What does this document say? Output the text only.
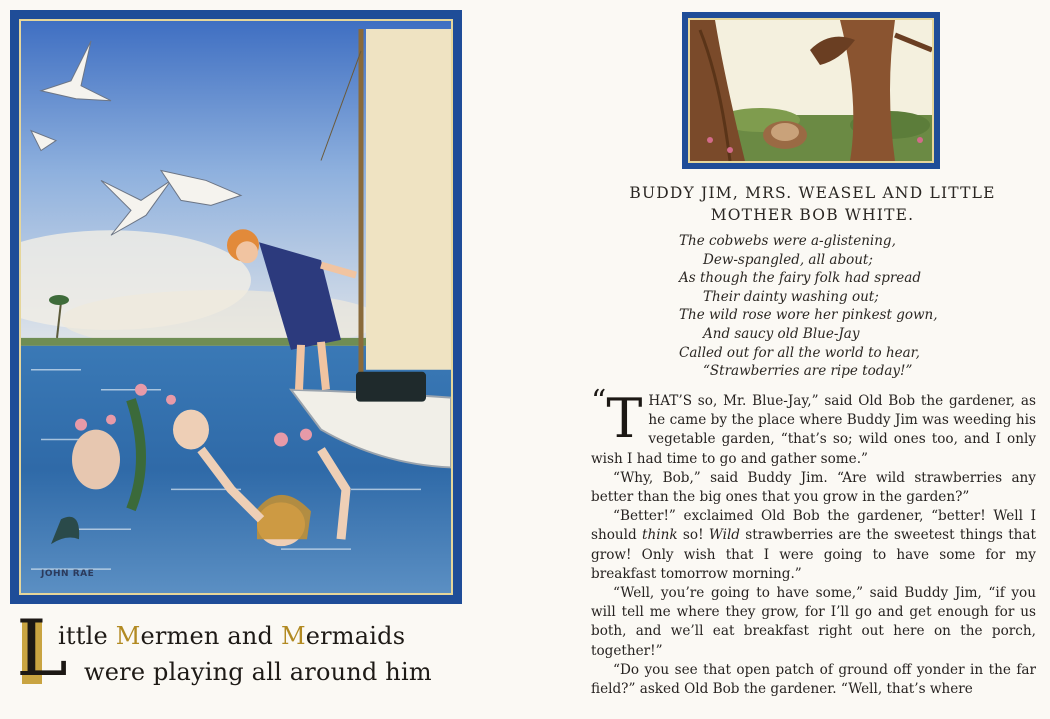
JOHN RAE
L
ittle Mermen and Mermaids
were playing all around him
BUDDY JIM, MRS. WEASEL AND LITTLE
MOTHER BOB WHITE.
The cobwebs were a-glistening,
Dew-spangled, all about;
As though the fairy folk had spread
Their dainty washing out;
The wild rose wore her pinkest gown,
And saucy old Blue-Jay
Called out for all the world to hear,
“Strawberries are ripe today!”

“T HAT’S so, Mr. Blue-Jay,” said Old Bob the gardener, as he came by the place where Buddy Jim was weeding his vegetable garden, “that’s so; wild ones too, and I only wish I had time to go and gather some.”

“Why, Bob,” said Buddy Jim. “Are wild strawberries any better than the big ones that you grow in the garden?”

“Better!” exclaimed Old Bob the gardener, “better! Well I should think so! Wild strawberries are the sweetest things that grow! Only wish that I were going to have some for my breakfast tomorrow morning.”

“Well, you’re going to have some,” said Buddy Jim, “if you will tell me where they grow, for I’ll go and get enough for us both, and we’ll eat breakfast right out here on the porch, together!”

“Do you see that open patch of ground off yonder in the far field?” asked Old Bob the gardener. “Well, that’s where
